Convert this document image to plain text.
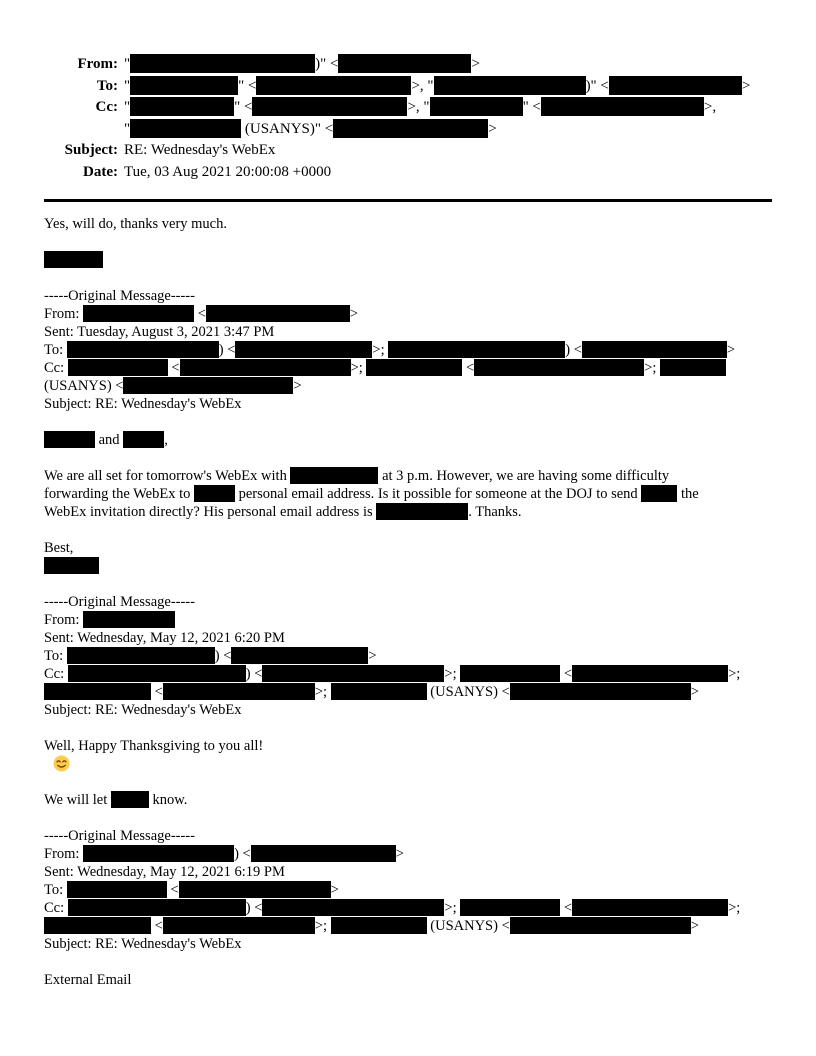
From: "	)" <	>
To: "	" <	>, "	)" <	>
Cc: "	" <	>, "	" <	>,
"	(USANYS)" <	>
Subject: RE: Wednesday's WebEx
Date: Tue, 03 Aug 2021 20:00:08 +0000
Yes, will do, thanks very much.
-----Original Message-----
From:	<	>
Sent: Tuesday, August 3, 2021 3:47 PM
To:	) <	>;	) <	>
Cc:	<	>;	<	>;
(USANYS) <	>
Subject: RE: Wednesday's WebEx
and	,
We are all set for tomorrow's WebEx with	at 3 p.m. However, we are having some difficulty
forwarding the WebEx to	personal email address. Is it possible for someone at the DOJ to send  the
WebEx invitation directly? His personal email address is	. Thanks.
Best,
-----Original Message-----
From:
Sent: Wednesday, May 12, 2021 6:20 PM
To:	) <	>
Cc:	) <	>;	<	>;
<	>;	(USANYS) <	>
Subject: RE: Wednesday's WebEx
Well, Happy Thanksgiving to you all!

We will let	know.
-----Original Message-----
From:	) <	>
Sent: Wednesday, May 12, 2021 6:19 PM
To:	<	>
Cc:	) <	>;	<	>;
<	>;	(USANYS) <	>
Subject: RE: Wednesday's WebEx
External Email
